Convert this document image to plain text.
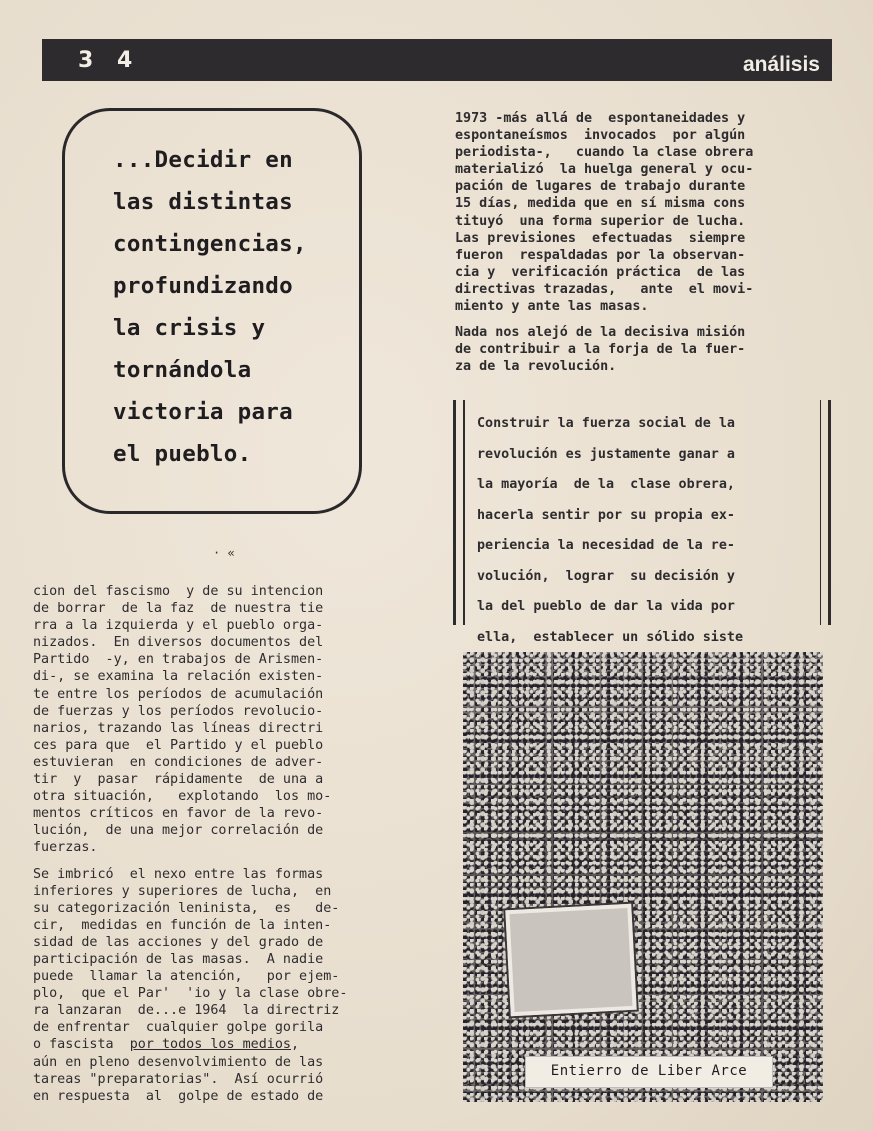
3 4	análisis
...Decidir en
las distintas
contingencias,
profundizando
la crisis y
tornándola
victoria para
el pueblo.
· «

cion del fascismo  y de su intencion

de borrar  de la faz  de nuestra tie

rra a la izquierda y el pueblo orga-

nizados.  En diversos documentos del

Partido  -y, en trabajos de Arismen-

di-, se examina la relación existen-

te entre los períodos de acumulación

de fuerzas y los períodos revolucio-

narios, trazando las líneas directri

ces para que  el Partido y el pueblo

estuvieran  en condiciones de adver-

tir  y  pasar  rápidamente  de una a

otra situación,   explotando  los mo-

mentos críticos en favor de la revo-

lución,  de una mejor correlación de

fuerzas.

Se imbricó  el nexo entre las formas

inferiores y superiores de lucha,  en

su categorización leninista,  es   de-

cir,  medidas en función de la inten-

sidad de las acciones y del grado de

participación de las masas.  A nadie

puede  llamar la atención,   por ejem-

plo,  que el Par'  'io y la clase obre-

ra lanzaran  de...e 1964  la directriz

de enfrentar  cualquier golpe gorila

o fascista  por todos los medios,

aún en pleno desenvolvimiento de las

tareas "preparatorias".  Así ocurrió

en respuesta  al  golpe de estado de

1973 -más allá de  espontaneidades y

espontaneísmos  invocados  por algún

periodista-,   cuando la clase obrera

materializó  la huelga general y ocu-

pación de lugares de trabajo durante

15 días, medida que en sí misma cons

tituyó  una forma superior de lucha.

Las previsiones  efectuadas  siempre

fueron  respaldadas por la observan-

cia y  verificación práctica  de las

directivas trazadas,   ante  el movi-

miento y ante las masas.

Nada nos alejó de la decisiva misión

de contribuir a la forja de la fuer-

za de la revolución.

Construir la fuerza social de la

revolución es justamente ganar a

la mayoría  de la  clase obrera,

hacerla sentir por su propia ex-

periencia la necesidad de la re-

volución,  lograr  su decisión y

la del pueblo de dar la vida por

ella,  establecer un sólido siste

Entierro de Liber Arce
